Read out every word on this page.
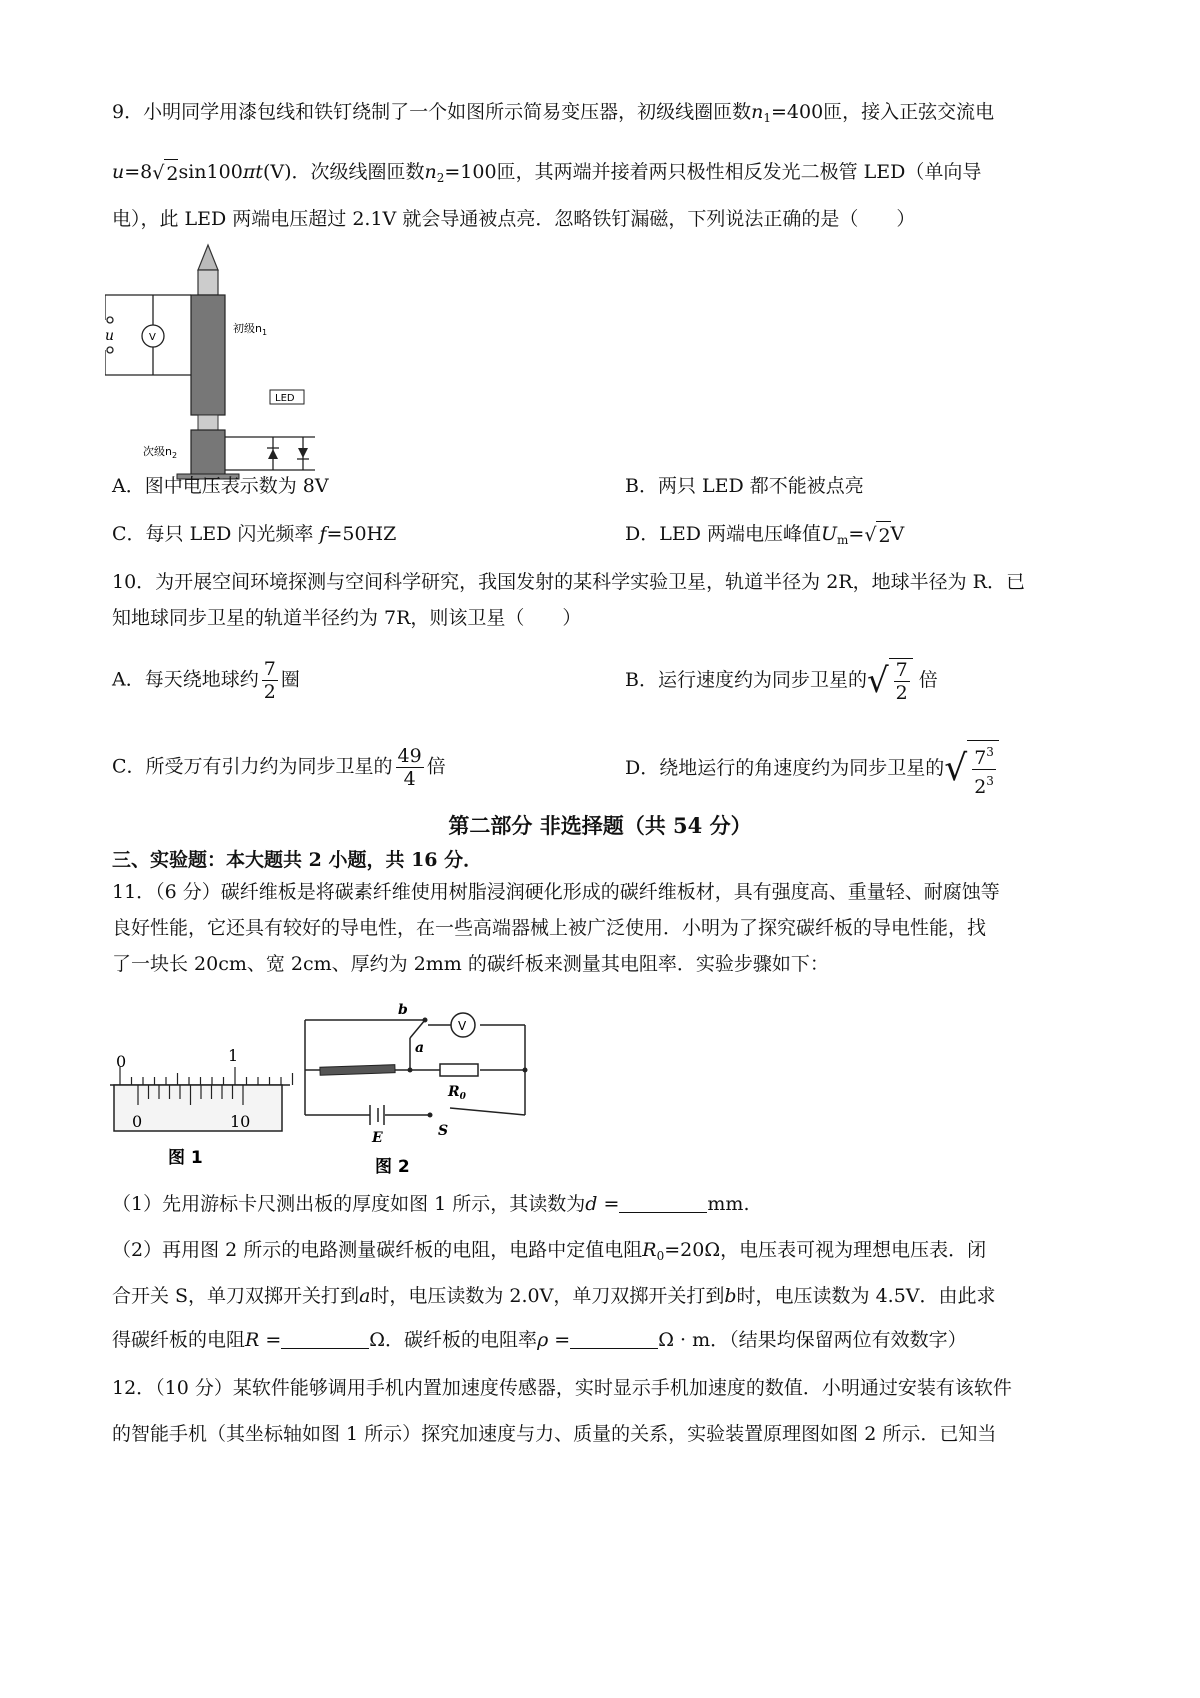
9．小明同学用漆包线和铁钉绕制了一个如图所示简易变压器，初级线圈匝数$n_1=400$匝，接入正弦交流电
u=8√ 2 sin100πt(V)．次级线圈匝数$n_2=100$匝，其两端并接着两只极性相反发光二极管 LED（单向导
电），此 LED 两端电压超过 2.1V 就会导通被点亮．忽略铁钉漏磁，下列说法正确的是（　　）
LED
u	V
初级$n_1$
次级$n_2$
A．图中电压表示数为 8V	B．两只 LED 都不能被点亮
C．每只 LED 闪光频率 f=50HZ	D．LED 两端电压峰值$U_m=√$ 2 V
10．为开展空间环境探测与空间科学研究，我国发射的某科学实验卫星，轨道半径为 2R，地球半径为 R．已
知地球同步卫星的轨道半径约为 7R，则该卫星（　　）
A．每天绕地球约 $\frac{7}{2}$ 圈	B．运行速度约为同步卫星的 √ $\frac{7}{2}$ 倍
C．所受万有引力约为同步卫星的 $\frac{49}{4}$ 倍	D．绕地运行的角速度约为同步卫星的 √ $\frac{7^3}{2^3}$
第二部分 非选择题（共 54 分）
三、实验题：本大题共 2 小题，共 16 分．
11．（6 分）碳纤维板是将碳素纤维使用树脂浸润硬化形成的碳纤维板材，具有强度高、重量轻、耐腐蚀等
良好性能，它还具有较好的导电性，在一些高端器械上被广泛使用．小明为了探究碳纤板的导电性能，找
了一块长 20cm、宽 2cm、厚约为 2mm 的碳纤板来测量其电阻率．实验步骤如下：
0	1
0	10
图 1
b
a
V
$R_0$
E	S
图 2
（1）先用游标卡尺测出板的厚度如图 1 所示，其读数为d =	mm.
（2）再用图 2 所示的电路测量碳纤板的电阻，电路中定值电阻$R_0=20\Omega$，电压表可视为理想电压表．闭
合开关 S，单刀双掷开关打到a时，电压读数为 2.0V，单刀双掷开关打到b时，电压读数为 4.5V．由此求
得碳纤板的电阻R =	Ω．碳纤板的电阻率ρ =	Ω · m．（结果均保留两位有效数字）
12．（10 分）某软件能够调用手机内置加速度传感器，实时显示手机加速度的数值．小明通过安装有该软件
的智能手机（其坐标轴如图 1 所示）探究加速度与力、质量的关系，实验装置原理图如图 2 所示．已知当
